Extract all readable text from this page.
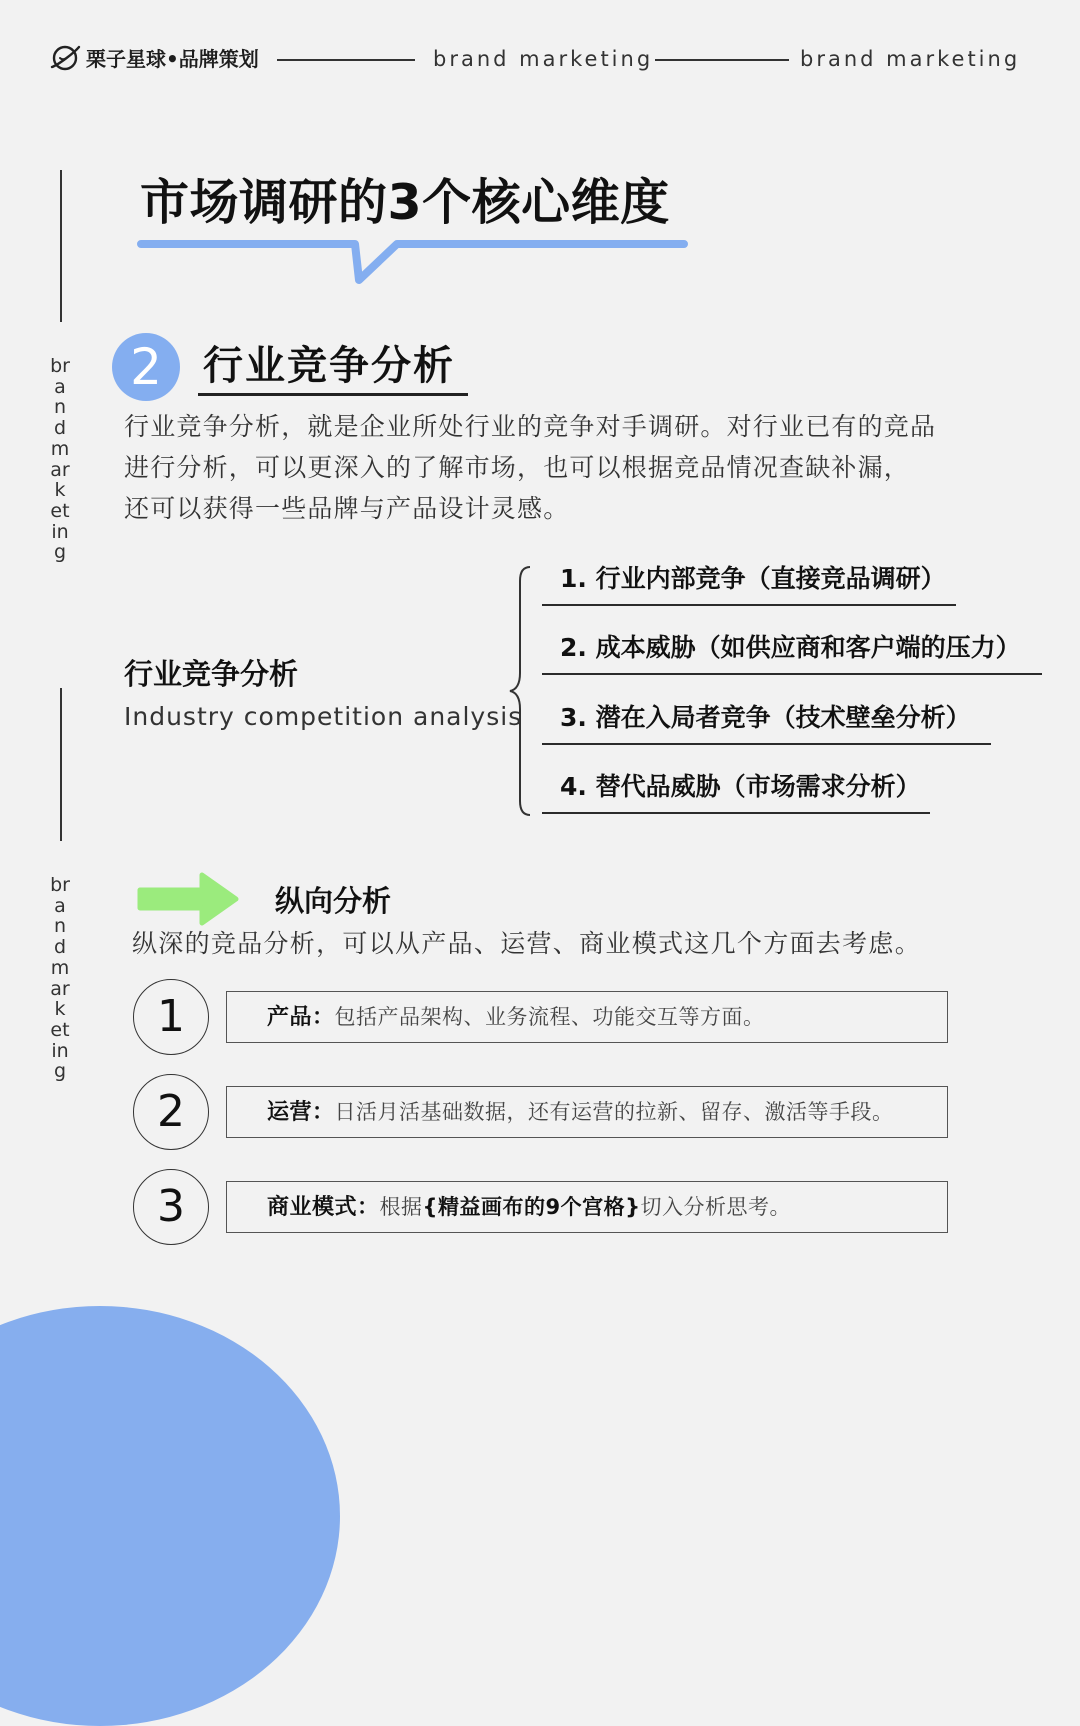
栗子星球•品牌策划	brand marketing	brand marketing
brand marketing
brand marketing
市场调研的3个核心维度
2	行业竞争分析
行业竞争分析，就是企业所处行业的竞争对手调研。对行业已有的竞品
进行分析，可以更深入的了解市场，也可以根据竞品情况查缺补漏，
还可以获得一些品牌与产品设计灵感。
行业竞争分析
Industry competition analysis
1. 行业内部竞争（直接竞品调研）
2. 成本威胁（如供应商和客户端的压力）
3. 潜在入局者竞争（技术壁垒分析）
4. 替代品威胁（市场需求分析）
纵向分析
纵深的竞品分析，可以从产品、运营、商业模式这几个方面去考虑。
1	产品：包括产品架构、业务流程、功能交互等方面。
2	运营：日活月活基础数据，还有运营的拉新、留存、激活等手段。
3	商业模式：根据{精益画布的9个宫格}切入分析思考。
